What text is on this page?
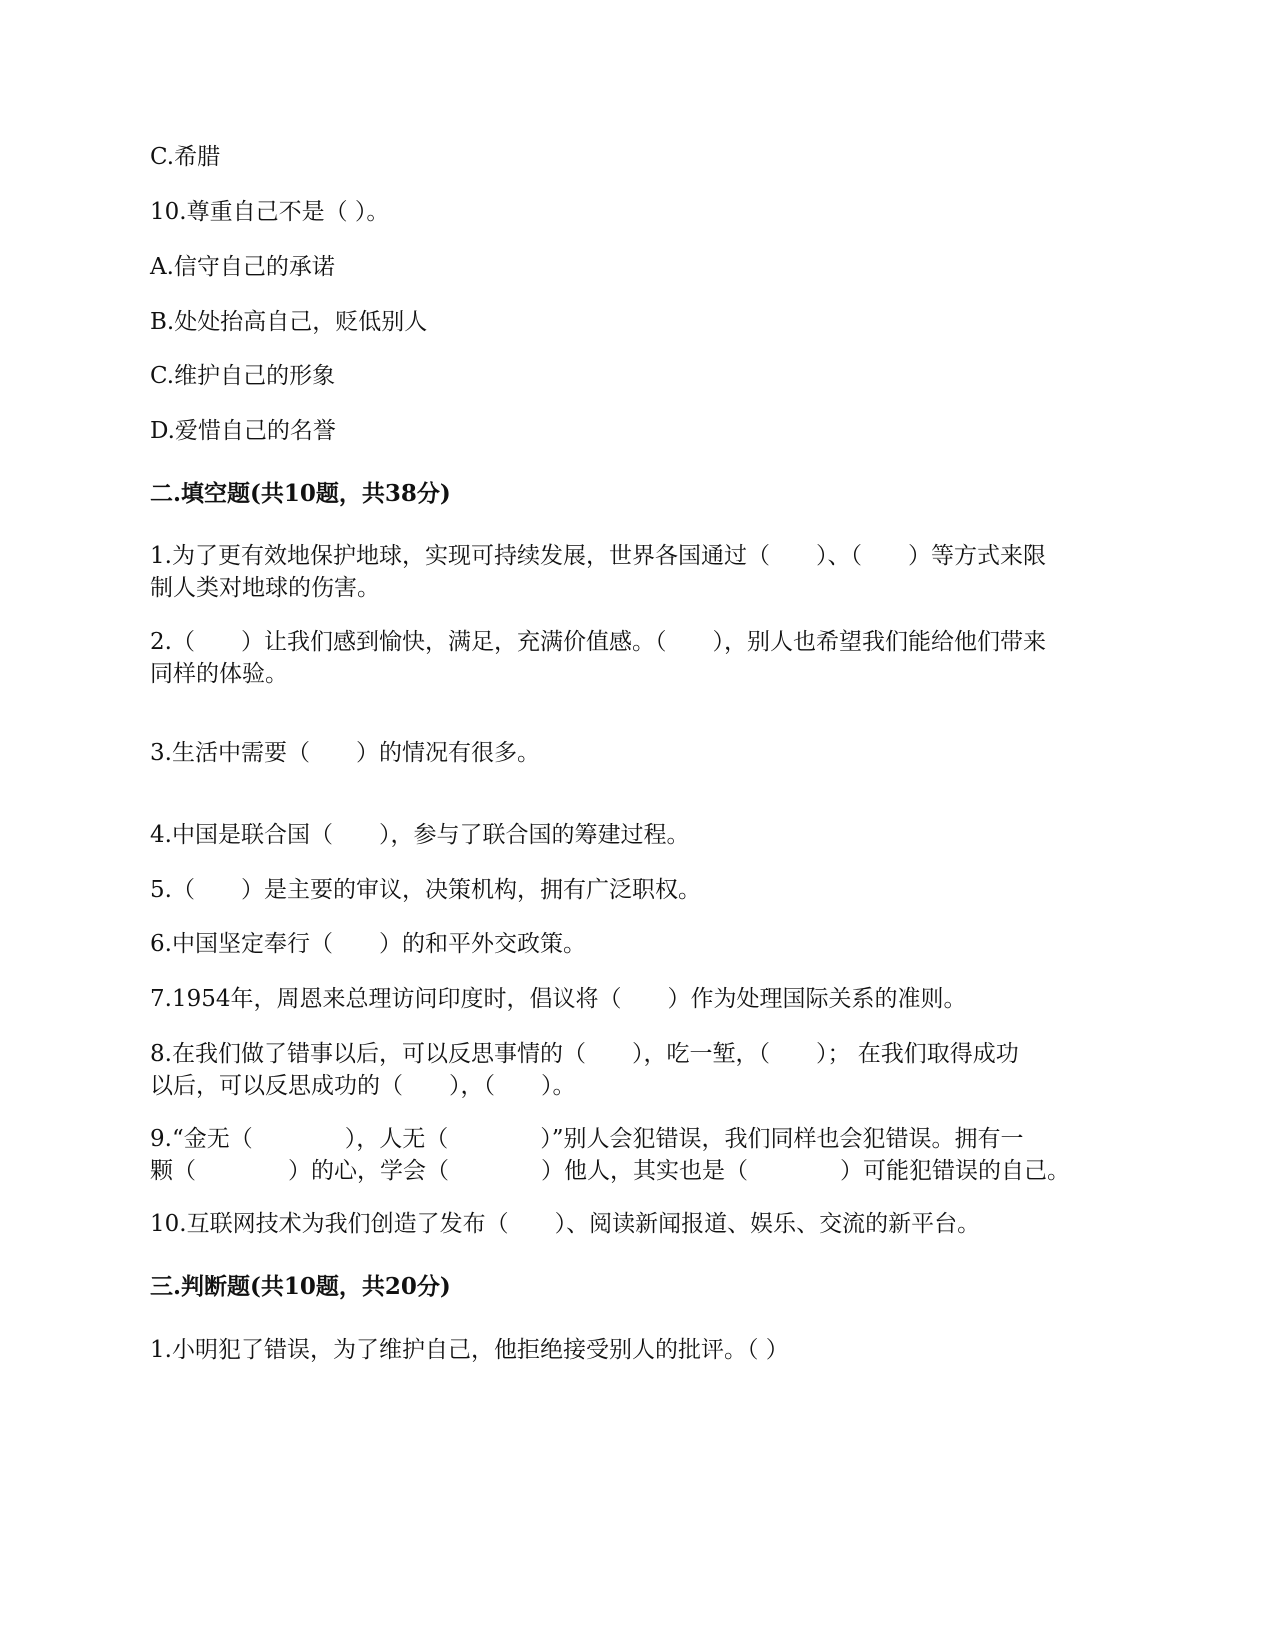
C.希腊
10.尊重自己不是（ ）。
A.信守自己的承诺
B.处处抬高自己，贬低别人
C.维护自己的形象
D.爱惜自己的名誉
二.填空题(共10题，共38分)
1.为了更有效地保护地球，实现可持续发展，世界各国通过（　　）、（　　）等方式来限
制人类对地球的伤害。
2.（　　）让我们感到愉快，满足，充满价值感。（　　），别人也希望我们能给他们带来
同样的体验。
3.生活中需要（　　）的情况有很多。
4.中国是联合国（　　），参与了联合国的筹建过程。
5.（　　）是主要的审议，决策机构，拥有广泛职权。
6.中国坚定奉行（　　）的和平外交政策。
7.1954年，周恩来总理访问印度时，倡议将（　　）作为处理国际关系的准则。
8.在我们做了错事以后，可以反思事情的（　　），吃一堑，（　　）； 在我们取得成功
以后，可以反思成功的（　　），（　　）。
9.“金无（　　　　），人无（　　　　）”别人会犯错误，我们同样也会犯错误。拥有一
颗（　　　　）的心，学会（　　　　）他人，其实也是（　　　　）可能犯错误的自己。
10.互联网技术为我们创造了发布（　　）、阅读新闻报道、娱乐、交流的新平台。
三.判断题(共10题，共20分)
1.小明犯了错误，为了维护自己，他拒绝接受别人的批评。（ ）
